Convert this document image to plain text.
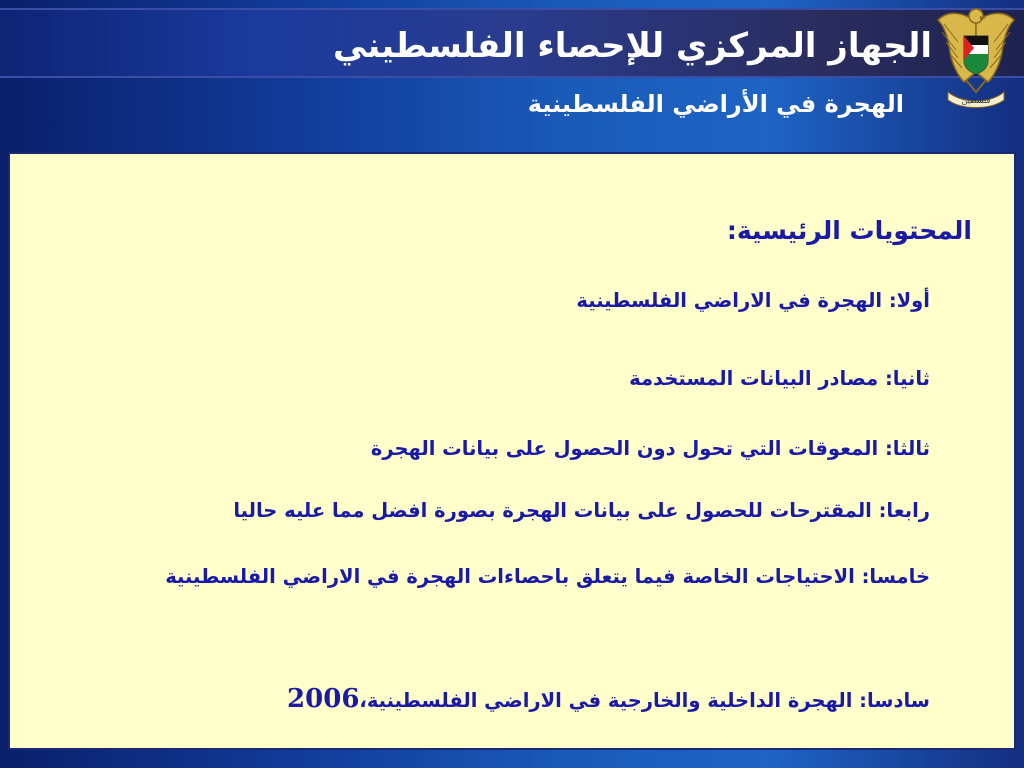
الجهاز المركزي للإحصاء الفلسطيني
فلسطين
الهجرة في الأراضي الفلسطينية
المحتويات الرئيسية:
أولا: الهجرة في الاراضي الفلسطينية
ثانيا: مصادر البيانات المستخدمة
ثالثا: المعوقات التي تحول دون الحصول على بيانات الهجرة
رابعا: المقترحات للحصول على بيانات الهجرة بصورة افضل مما عليه حاليا
خامسا: الاحتياجات الخاصة فيما يتعلق باحصاءات الهجرة في الاراضي الفلسطينية
سادسا: الهجرة الداخلية والخارجية في الاراضي الفلسطينية،2006
